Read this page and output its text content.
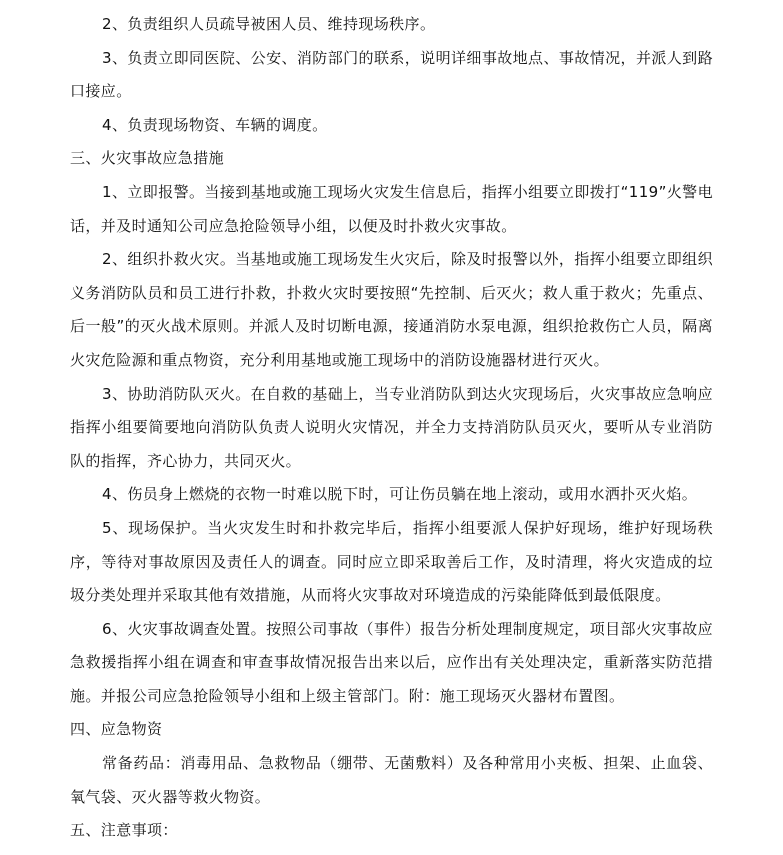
2、负责组织人员疏导被困人员、维持现场秩序。

3、负责立即同医院、公安、消防部门的联系，说明详细事故地点、事故情况，并派人到路口接应。

4、负责现场物资、车辆的调度。

三、火灾事故应急措施

1、立即报警。当接到基地或施工现场火灾发生信息后，指挥小组要立即拨打“119”火警电话，并及时通知公司应急抢险领导小组，以便及时扑救火灾事故。

2、组织扑救火灾。当基地或施工现场发生火灾后，除及时报警以外，指挥小组要立即组织义务消防队员和员工进行扑救，扑救火灾时要按照“先控制、后灭火；救人重于救火；先重点、后一般”的灭火战术原则。并派人及时切断电源，接通消防水泵电源，组织抢救伤亡人员，隔离火灾危险源和重点物资，充分利用基地或施工现场中的消防设施器材进行灭火。

3、协助消防队灭火。在自救的基础上，当专业消防队到达火灾现场后，火灾事故应急响应指挥小组要简要地向消防队负责人说明火灾情况，并全力支持消防队员灭火，要听从专业消防队的指挥，齐心协力，共同灭火。

4、伤员身上燃烧的衣物一时难以脱下时，可让伤员躺在地上滚动，或用水洒扑灭火焰。

5、现场保护。当火灾发生时和扑救完毕后，指挥小组要派人保护好现场，维护好现场秩序，等待对事故原因及责任人的调查。同时应立即采取善后工作，及时清理，将火灾造成的垃圾分类处理并采取其他有效措施，从而将火灾事故对环境造成的污染能降低到最低限度。

6、火灾事故调查处置。按照公司事故（事件）报告分析处理制度规定，项目部火灾事故应急救援指挥小组在调查和审查事故情况报告出来以后，应作出有关处理决定，重新落实防范措施。并报公司应急抢险领导小组和上级主管部门。附：施工现场灭火器材布置图。

四、应急物资

常备药品：消毒用品、急救物品（绷带、无菌敷料）及各种常用小夹板、担架、止血袋、氧气袋、灭火器等救火物资。

五、注意事项：
